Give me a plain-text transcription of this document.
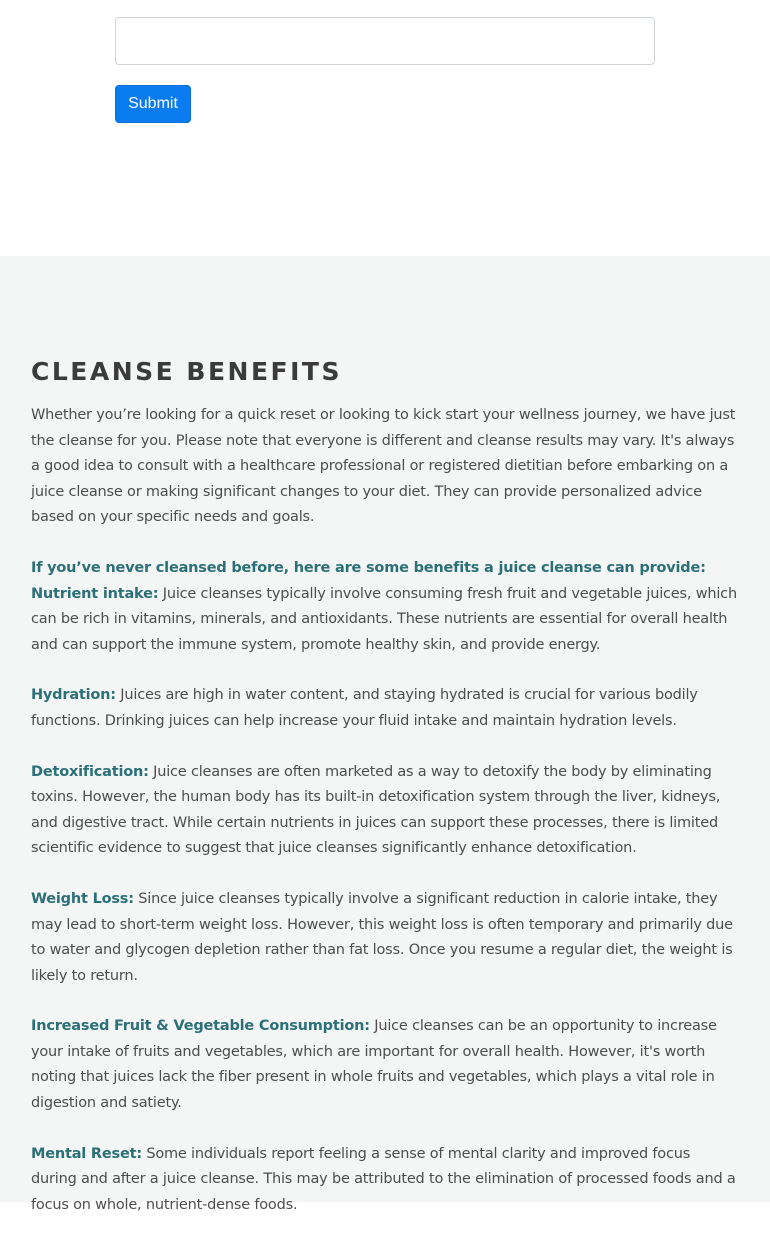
Submit
CLEANSE BENEFITS

Whether you’re looking for a quick reset or looking to kick start your wellness journey, we have just the cleanse for you. Please note that everyone is different and cleanse results may vary. It's always a good idea to consult with a healthcare professional or registered dietitian before embarking on a juice cleanse or making significant changes to your diet. They can provide personalized advice based on your specific needs and goals.

If you’ve never cleansed before, here are some benefits a juice cleanse can provide:
Nutrient intake: Juice cleanses typically involve consuming fresh fruit and vegetable juices, which can be rich in vitamins, minerals, and antioxidants. These nutrients are essential for overall health and can support the immune system, promote healthy skin, and provide energy.

Hydration: Juices are high in water content, and staying hydrated is crucial for various bodily functions. Drinking juices can help increase your fluid intake and maintain hydration levels.

Detoxification: Juice cleanses are often marketed as a way to detoxify the body by eliminating toxins. However, the human body has its built-in detoxification system through the liver, kidneys, and digestive tract. While certain nutrients in juices can support these processes, there is limited scientific evidence to suggest that juice cleanses significantly enhance detoxification.

Weight Loss: Since juice cleanses typically involve a significant reduction in calorie intake, they may lead to short-term weight loss. However, this weight loss is often temporary and primarily due to water and glycogen depletion rather than fat loss. Once you resume a regular diet, the weight is likely to return.

Increased Fruit & Vegetable Consumption: Juice cleanses can be an opportunity to increase your intake of fruits and vegetables, which are important for overall health. However, it's worth noting that juices lack the fiber present in whole fruits and vegetables, which plays a vital role in digestion and satiety.

Mental Reset: Some individuals report feeling a sense of mental clarity and improved focus during and after a juice cleanse. This may be attributed to the elimination of processed foods and a focus on whole, nutrient-dense foods.
